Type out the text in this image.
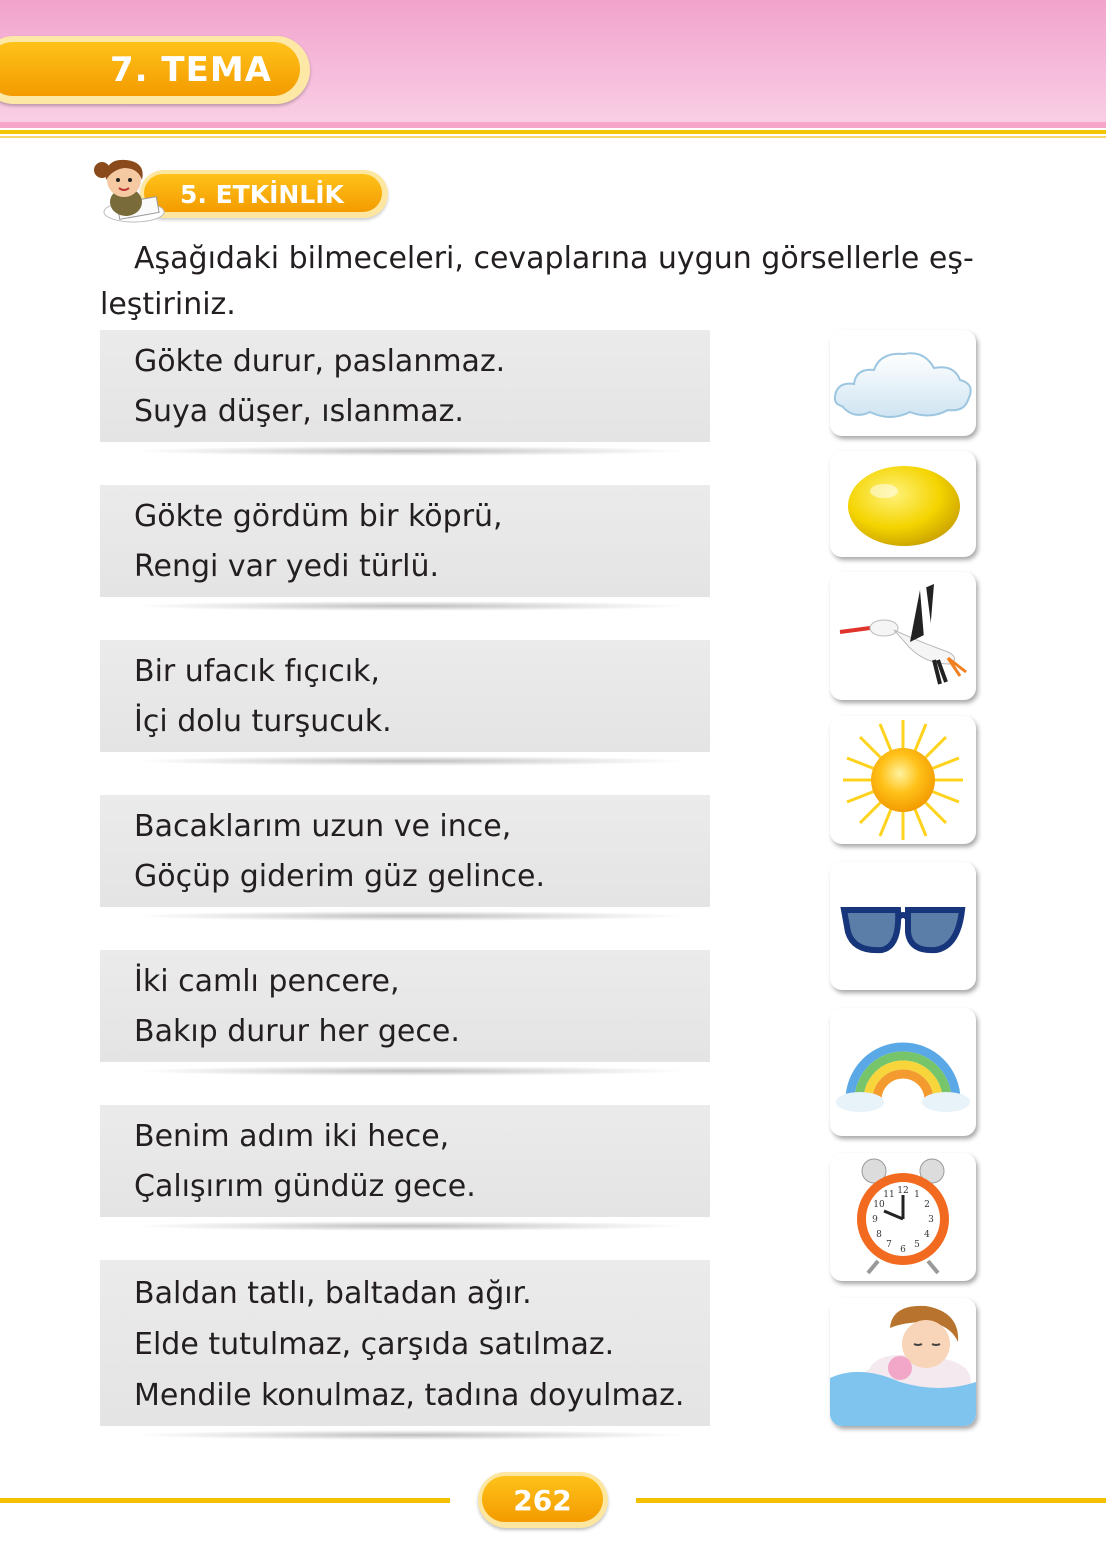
7. TEMA
5. ETKİNLİK
Aşağıdaki bilmeceleri, cevaplarına uygun görsellerle eş-
leştiriniz.
Gökte durur, paslanmaz.
Suya düşer, ıslanmaz.
Gökte gördüm bir köprü,
Rengi var yedi türlü.
Bir ufacık fıçıcık,
İçi dolu turşucuk.
Bacaklarım uzun ve ince,
Göçüp giderim güz gelince.
İki camlı pencere,
Bakıp durur her gece.
Benim adım iki hece,
Çalışırım gündüz gece.
Baldan tatlı, baltadan ağır.
Elde tutulmaz, çarşıda satılmaz.
Mendile konulmaz, tadına doyulmaz.
12
3
6
9
1
2
4
5
7
8
10
11
262
